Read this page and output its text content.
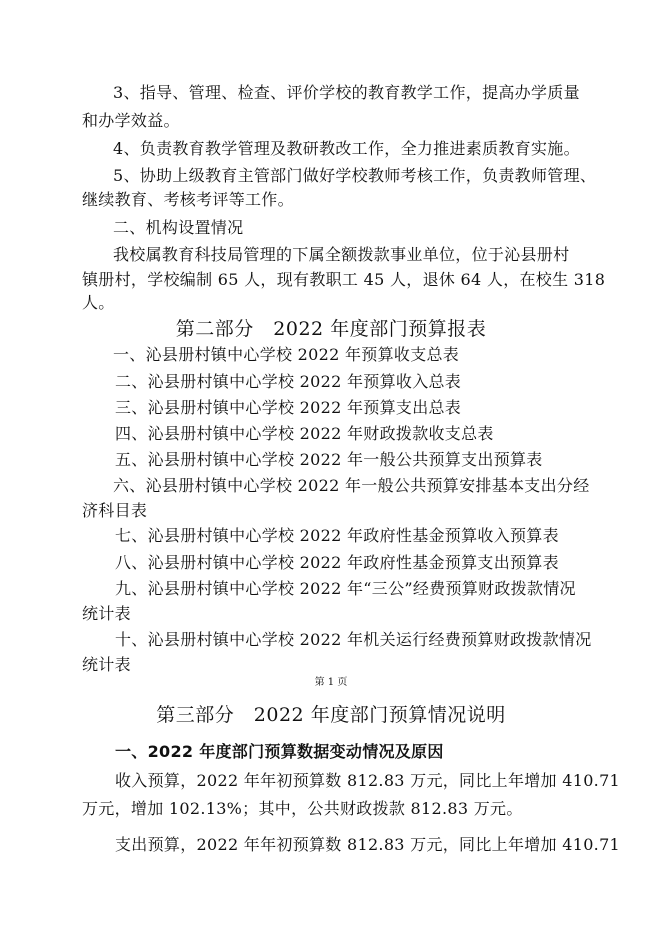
3、指导、管理、检查、评价学校的教育教学工作，提高办学质量
和办学效益。
4、负责教育教学管理及教研教改工作，全力推进素质教育实施。
5、协助上级教育主管部门做好学校教师考核工作，负责教师管理、
继续教育、考核考评等工作。
二、机构设置情况
我校属教育科技局管理的下属全额拨款事业单位，位于沁县册村
镇册村，学校编制 65 人，现有教职工 45 人，退休 64 人，在校生 318
人。
第二部分　2022 年度部门预算报表
一、沁县册村镇中心学校 2022 年预算收支总表
二、沁县册村镇中心学校 2022 年预算收入总表
三、沁县册村镇中心学校 2022 年预算支出总表
四、沁县册村镇中心学校 2022 年财政拨款收支总表
五、沁县册村镇中心学校 2022 年一般公共预算支出预算表
六、沁县册村镇中心学校 2022 年一般公共预算安排基本支出分经
济科目表
七、沁县册村镇中心学校 2022 年政府性基金预算收入预算表
八、沁县册村镇中心学校 2022 年政府性基金预算支出预算表
九、沁县册村镇中心学校 2022 年“三公”经费预算财政拨款情况
统计表
十、沁县册村镇中心学校 2022 年机关运行经费预算财政拨款情况
统计表
第 1 页
第三部分　2022 年度部门预算情况说明
一、2022 年度部门预算数据变动情况及原因
收入预算，2022 年年初预算数 812.83 万元，同比上年增加 410.71
万元，增加 102.13%；其中，公共财政拨款 812.83 万元。
支出预算，2022 年年初预算数 812.83 万元，同比上年增加 410.71
